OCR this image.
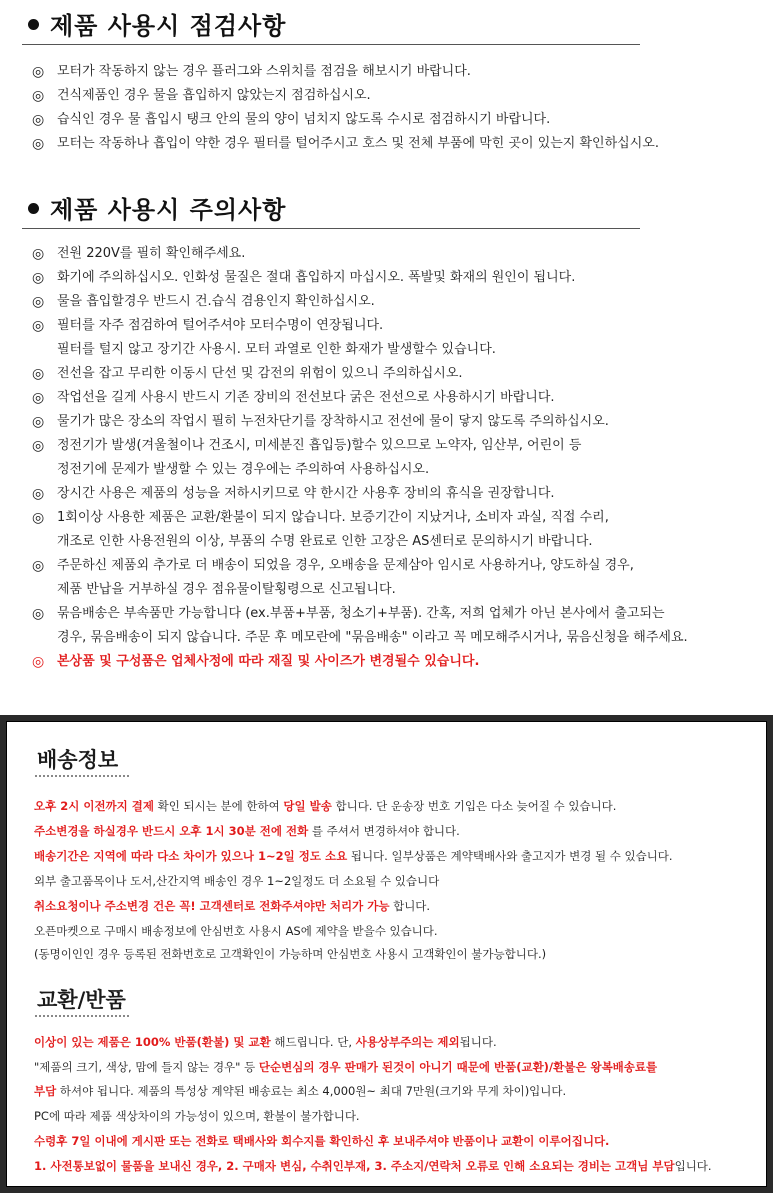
제품 사용시 점검사항
◎ 모터가 작동하지 않는 경우 플러그와 스위치를 점검을 해보시기 바랍니다.
◎ 건식제품인 경우 물을 흡입하지 않았는지 점검하십시오.
◎ 습식인 경우 물 흡입시 탱크 안의 물의 양이 넘치지 않도록 수시로 점검하시기 바랍니다.
◎ 모터는 작동하나 흡입이 약한 경우 필터를 털어주시고 호스 및 전체 부품에 막힌 곳이 있는지 확인하십시오.
제품 사용시 주의사항
◎ 전원 220V를 필히 확인해주세요.
◎ 화기에 주의하십시오. 인화성 물질은 절대 흡입하지 마십시오. 폭발및 화재의 원인이 됩니다.
◎ 물을 흡입할경우 반드시 건.습식 겸용인지 확인하십시오.
◎ 필터를 자주 점검하여 털어주셔야 모터수명이 연장됩니다.
필터를 털지 않고 장기간 사용시. 모터 과열로 인한 화재가 발생할수 있습니다.
◎ 전선을 잡고 무리한 이동시 단선 및 감전의 위험이 있으니 주의하십시오.
◎ 작업선을 길게 사용시 반드시 기존 장비의 전선보다 굵은 전선으로 사용하시기 바랍니다.
◎ 물기가 많은 장소의 작업시 필히 누전차단기를 장착하시고 전선에 물이 닿지 않도록 주의하십시오.
◎ 정전기가 발생(겨울철이나 건조시, 미세분진 흡입등)할수 있으므로 노약자, 임산부, 어린이 등
정전기에 문제가 발생할 수 있는 경우에는 주의하여 사용하십시오.
◎ 장시간 사용은 제품의 성능을 저하시키므로 약 한시간 사용후 장비의 휴식을 권장합니다.
◎ 1회이상 사용한 제품은 교환/환불이 되지 않습니다. 보증기간이 지났거나, 소비자 과실, 직접 수리,
개조로 인한 사용전원의 이상, 부품의 수명 완료로 인한 고장은 AS센터로 문의하시기 바랍니다.
◎ 주문하신 제품외 추가로 더 배송이 되었을 경우, 오배송을 문제삼아 임시로 사용하거나, 양도하실 경우,
제품 반납을 거부하실 경우 점유물이탈횡령으로 신고됩니다.
◎ 묶음배송은 부속품만 가능합니다 (ex.부품+부품, 청소기+부품). 간혹, 저희 업체가 아닌 본사에서 출고되는
경우, 묶음배송이 되지 않습니다. 주문 후 메모란에 "묶음배송" 이라고 꼭 메모해주시거나, 묶음신청을 해주세요.
◎ 본상품 및 구성품은 업체사정에 따라 재질 및 사이즈가 변경될수 있습니다.
배송정보
오후 2시 이전까지 결제 확인 되시는 분에 한하여 당일 발송 합니다. 단 운송장 번호 기입은 다소 늦어질 수 있습니다.
주소변경을 하실경우 반드시 오후 1시 30분 전에 전화 를 주셔서 변경하셔야 합니다.
배송기간은 지역에 따라 다소 차이가 있으나 1~2일 정도 소요 됩니다. 일부상품은 계약택배사와 출고지가 변경 될 수 있습니다.
외부 출고품목이나 도서,산간지역 배송인 경우 1~2일정도 더 소요될 수 있습니다
취소요청이나 주소변경 건은 꼭! 고객센터로 전화주셔야만 처리가 가능 합니다.
오픈마켓으로 구매시 배송정보에 안심번호 사용시 AS에 제약을 받을수 있습니다.
(동명이인인 경우 등록된 전화번호로 고객확인이 가능하며 안심번호 사용시 고객확인이 불가능합니다.)
교환/반품
이상이 있는 제품은 100% 반품(환불) 및 교환 해드립니다. 단, 사용상부주의는 제외됩니다.
"제품의 크기, 색상, 맘에 들지 않는 경우" 등 단순변심의 경우 판매가 된것이 아니기 때문에 반품(교환)/환불은 왕복배송료를
부담 하셔야 됩니다. 제품의 특성상 계약된 배송료는 최소 4,000원~ 최대 7만원(크기와 무게 차이)입니다.
PC에 따라 제품 색상차이의 가능성이 있으며, 환불이 불가합니다.
수령후 7일 이내에 게시판 또는 전화로 택배사와 회수지를 확인하신 후 보내주셔야 반품이나 교환이 이루어집니다.
1. 사전통보없이 물품을 보내신 경우, 2. 구매자 변심, 수취인부재, 3. 주소지/연락처 오류로 인해 소요되는 경비는 고객님 부담입니다.
